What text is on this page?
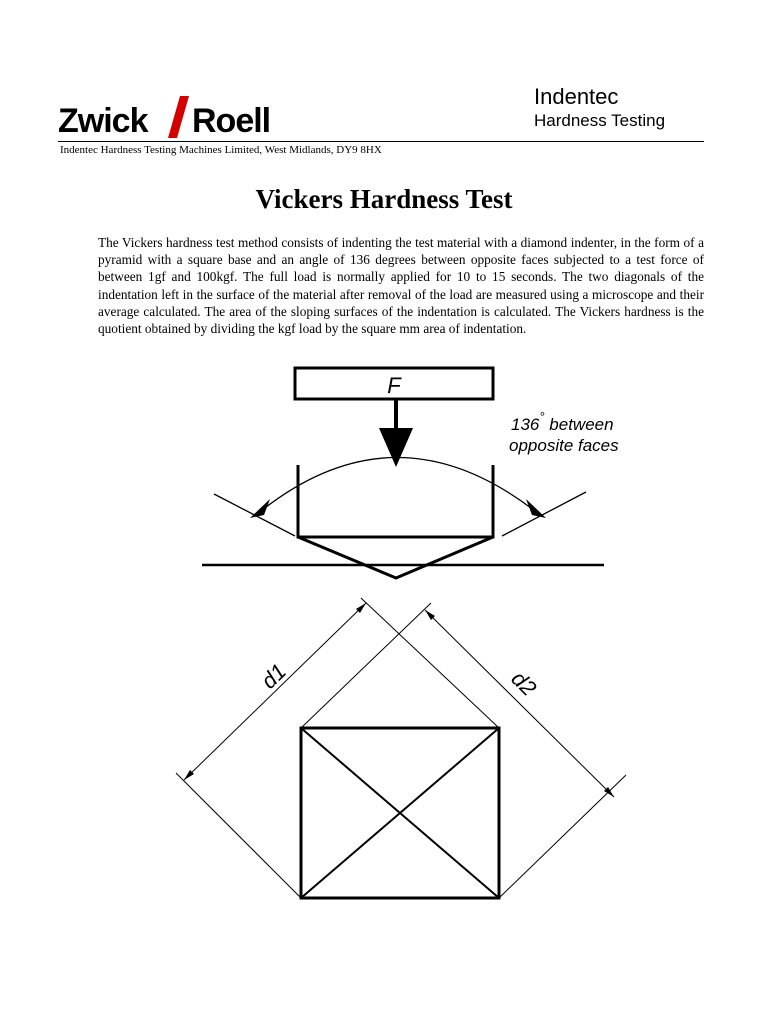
Zwick Roell
Indentec
Hardness Testing
Indentec Hardness Testing Machines Limited, West Midlands, DY9 8HX
Vickers Hardness Test

The Vickers hardness test method consists of indenting the test material with a diamond indenter, in the form of a pyramid with a square base and an angle of 136 degrees between opposite faces subjected to a test force of between 1gf and 100kgf. The full load is normally applied for 10 to 15 seconds. The two diagonals of the indentation left in the surface of the material after removal of the load are measured using a microscope and their average calculated. The area of the sloping surfaces of the indentation is calculated. The Vickers hardness is the quotient obtained by dividing the kgf load by the square mm area of indentation.

F
136° between
opposite faces
d1	d2
